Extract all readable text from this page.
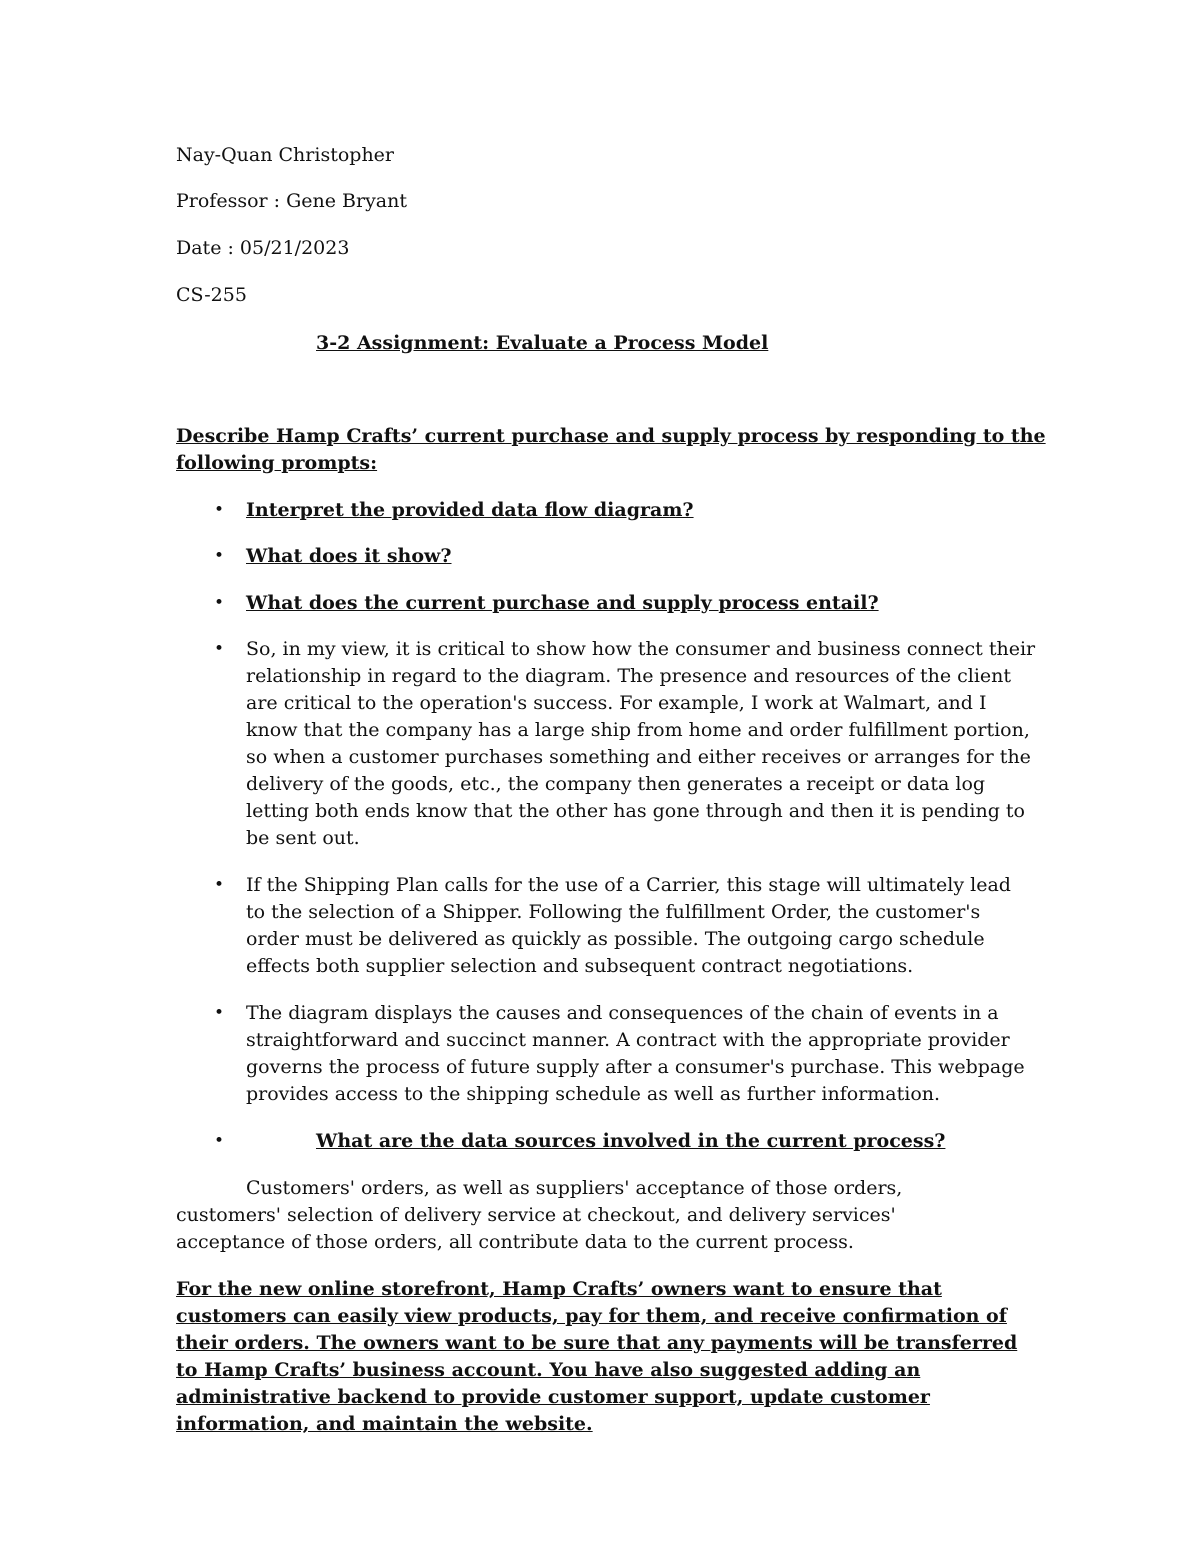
Nay-Quan Christopher
Professor : Gene Bryant
Date : 05/21/2023
CS-255
3-2 Assignment: Evaluate a Process Model
Describe Hamp Crafts’ current purchase and supply process by responding to the
following prompts:
• Interpret the provided data flow diagram?
• What does it show?
• What does the current purchase and supply process entail?
• So, in my view, it is critical to show how the consumer and business connect their relationship in regard to the diagram. The presence and resources of the client are critical to the operation's success. For example, I work at Walmart, and I know that the company has a large ship from home and order fulfillment portion, so when a customer purchases something and either receives or arranges for the delivery of the goods, etc., the company then generates a receipt or data log letting both ends know that the other has gone through and then it is pending to be sent out.
• If the Shipping Plan calls for the use of a Carrier, this stage will ultimately lead to the selection of a Shipper. Following the fulfillment Order, the customer's order must be delivered as quickly as possible. The outgoing cargo schedule effects both supplier selection and subsequent contract negotiations.
• The diagram displays the causes and consequences of the chain of events in a straightforward and succinct manner. A contract with the appropriate provider governs the process of future supply after a consumer's purchase. This webpage provides access to the shipping schedule as well as further information.
•	What are the data sources involved in the current process?
Customers' orders, as well as suppliers' acceptance of those orders, customers' selection of delivery service at checkout, and delivery services' acceptance of those orders, all contribute data to the current process.
For the new online storefront, Hamp Crafts’ owners want to ensure that customers can easily view products, pay for them, and receive confirmation of their orders. The owners want to be sure that any payments will be transferred to Hamp Crafts’ business account. You have also suggested adding an administrative backend to provide customer support, update customer information, and maintain the website.
